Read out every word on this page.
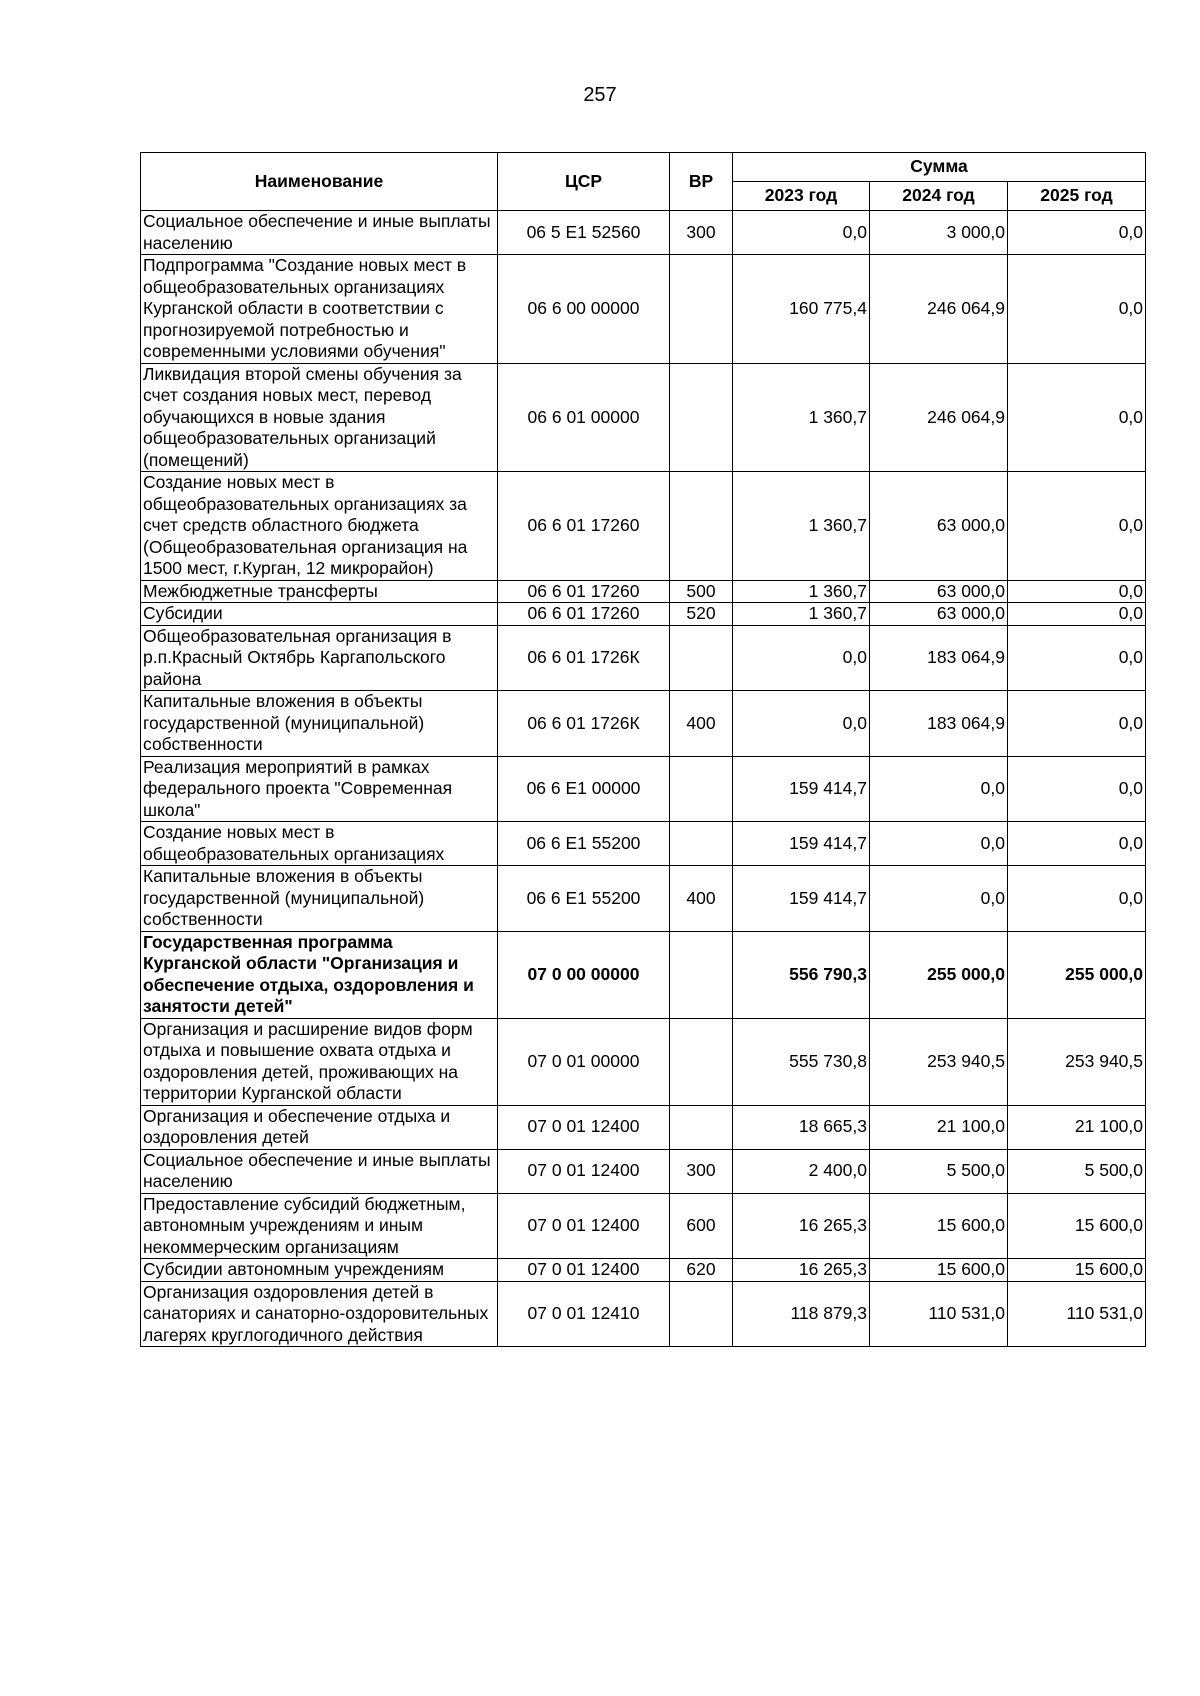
257
Наименование	ЦСР	ВР	Сумма		
			2023 год	2024 год	2025 год
Социальное обеспечение и иные выплаты населению	06 5 E1 52560	300	0,0	3 000,0	0,0
Подпрограмма "Создание новых мест в общеобразовательных организациях Курганской области в соответствии с прогнозируемой потребностью и современными условиями обучения"	06 6 00 00000		160 775,4	246 064,9	0,0
Ликвидация второй смены обучения за счет создания новых мест, перевод обучающихся в новые здания общеобразовательных организаций (помещений)	06 6 01 00000		1 360,7	246 064,9	0,0
Создание новых мест в общеобразовательных организациях за счет средств областного бюджета (Общеобразовательная организация на 1500 мест, г.Курган, 12 микрорайон)	06 6 01 17260		1 360,7	63 000,0	0,0
Межбюджетные трансферты	06 6 01 17260	500	1 360,7	63 000,0	0,0
Субсидии	06 6 01 17260	520	1 360,7	63 000,0	0,0
Общеобразовательная организация в р.п.Красный Октябрь Каргапольского района	06 6 01 1726К		0,0	183 064,9	0,0
Капитальные вложения в объекты государственной (муниципальной) собственности	06 6 01 1726К	400	0,0	183 064,9	0,0
Реализация мероприятий в рамках федерального проекта "Современная школа"	06 6 E1 00000		159 414,7	0,0	0,0
Создание новых мест в общеобразовательных организациях	06 6 E1 55200		159 414,7	0,0	0,0
Капитальные вложения в объекты государственной (муниципальной) собственности	06 6 E1 55200	400	159 414,7	0,0	0,0
Государственная программа Курганской области "Организация и обеспечение отдыха, оздоровления и занятости детей"	07 0 00 00000		556 790,3	255 000,0	255 000,0
Организация и расширение видов форм отдыха и повышение охвата отдыха и оздоровления детей, проживающих на территории Курганской области	07 0 01 00000		555 730,8	253 940,5	253 940,5
Организация и обеспечение отдыха и оздоровления детей	07 0 01 12400		18 665,3	21 100,0	21 100,0
Социальное обеспечение и иные выплаты населению	07 0 01 12400	300	2 400,0	5 500,0	5 500,0
Предоставление субсидий бюджетным, автономным учреждениям и иным некоммерческим организациям	07 0 01 12400	600	16 265,3	15 600,0	15 600,0
Субсидии автономным учреждениям	07 0 01 12400	620	16 265,3	15 600,0	15 600,0
Организация оздоровления детей в санаториях и санаторно-оздоровительных лагерях круглогодичного действия	07 0 01 12410		118 879,3	110 531,0	110 531,0
